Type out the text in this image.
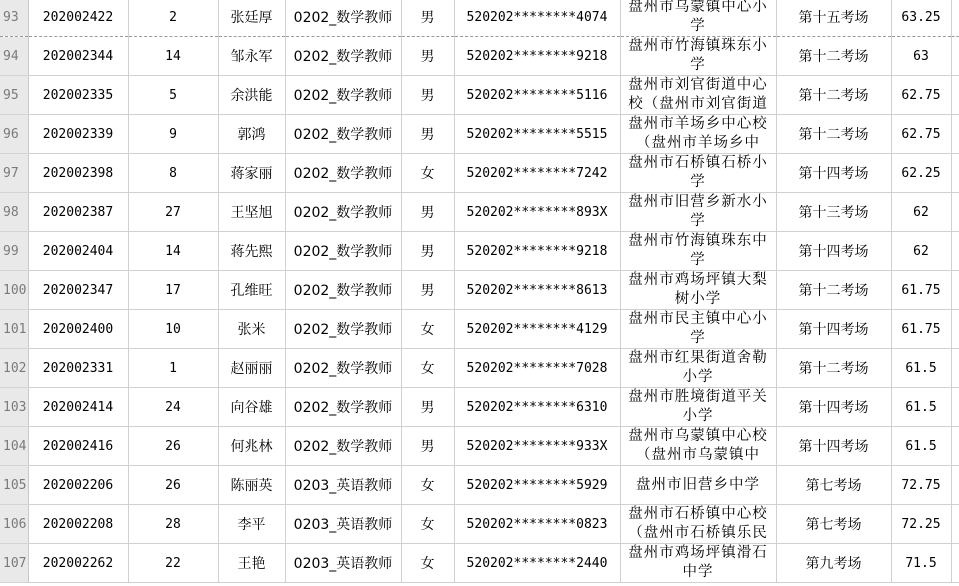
93	202002422	2	张廷厚	0202_数学教师	男	520202********4074	盘州市乌蒙镇中心小
学	第十五考场	63.25	
94	202002344	14	邹永军	0202_数学教师	男	520202********9218	盘州市竹海镇珠东小
学	第十二考场	63	
95	202002335	5	余洪能	0202_数学教师	男	520202********5116	盘州市刘官街道中心
校（盘州市刘官街道	第十二考场	62.75	
96	202002339	9	郭鸿	0202_数学教师	男	520202********5515	盘州市羊场乡中心校
（盘州市羊场乡中	第十二考场	62.75	
97	202002398	8	蒋家丽	0202_数学教师	女	520202********7242	盘州市石桥镇石桥小
学	第十四考场	62.25	
98	202002387	27	王坚旭	0202_数学教师	男	520202********893X	盘州市旧营乡新水小
学	第十三考场	62	
99	202002404	14	蒋先熙	0202_数学教师	男	520202********9218	盘州市竹海镇珠东中
学	第十四考场	62	
100	202002347	17	孔维旺	0202_数学教师	男	520202********8613	盘州市鸡场坪镇大梨
树小学	第十二考场	61.75	
101	202002400	10	张米	0202_数学教师	女	520202********4129	盘州市民主镇中心小
学	第十四考场	61.75	
102	202002331	1	赵丽丽	0202_数学教师	女	520202********7028	盘州市红果街道舍勒
小学	第十二考场	61.5	
103	202002414	24	向谷雄	0202_数学教师	男	520202********6310	盘州市胜境街道平关
小学	第十四考场	61.5	
104	202002416	26	何兆林	0202_数学教师	男	520202********933X	盘州市乌蒙镇中心校
（盘州市乌蒙镇中	第十四考场	61.5	
105	202002206	26	陈丽英	0203_英语教师	女	520202********5929	盘州市旧营乡中学	第七考场	72.75	
106	202002208	28	李平	0203_英语教师	女	520202********0823	盘州市石桥镇中心校
（盘州市石桥镇乐民	第七考场	72.25	
107	202002262	22	王艳	0203_英语教师	女	520202********2440	盘州市鸡场坪镇滑石
中学	第九考场	71.5	
